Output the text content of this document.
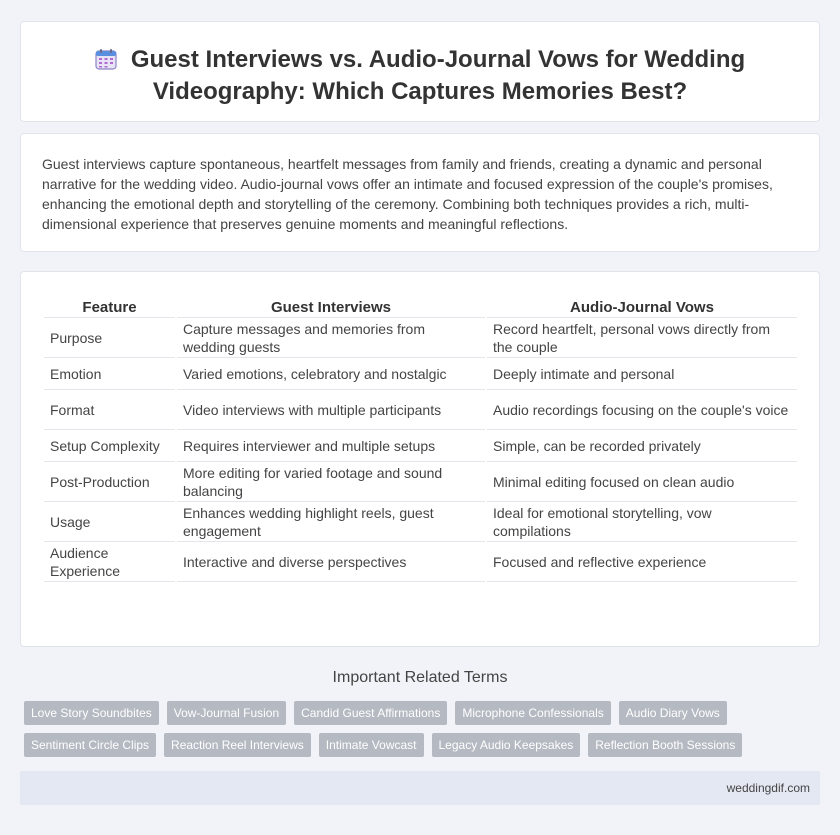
Guest Interviews vs. Audio-Journal Vows for Wedding Videography: Which Captures Memories Best?

Guest interviews capture spontaneous, heartfelt messages from family and friends, creating a dynamic and personal narrative for the wedding video. Audio-journal vows offer an intimate and focused expression of the couple's promises, enhancing the emotional depth and storytelling of the ceremony. Combining both techniques provides a rich, multi-dimensional experience that preserves genuine moments and meaningful reflections.

Feature	Guest Interviews	Audio-Journal Vows
Purpose	Capture messages and memories from wedding guests	Record heartfelt, personal vows directly from the couple
Emotion	Varied emotions, celebratory and nostalgic	Deeply intimate and personal
Format	Video interviews with multiple participants	Audio recordings focusing on the couple's voice
Setup Complexity	Requires interviewer and multiple setups	Simple, can be recorded privately
Post-Production	More editing for varied footage and sound balancing	Minimal editing focused on clean audio
Usage	Enhances wedding highlight reels, guest engagement	Ideal for emotional storytelling, vow compilations
Audience Experience	Interactive and diverse perspectives	Focused and reflective experience
Important Related Terms
Love Story Soundbites	Vow-Journal Fusion	Candid Guest Affirmations	Microphone Confessionals	Audio Diary Vows
Sentiment Circle Clips	Reaction Reel Interviews	Intimate Vowcast	Legacy Audio Keepsakes	Reflection Booth Sessions
weddingdif.com
